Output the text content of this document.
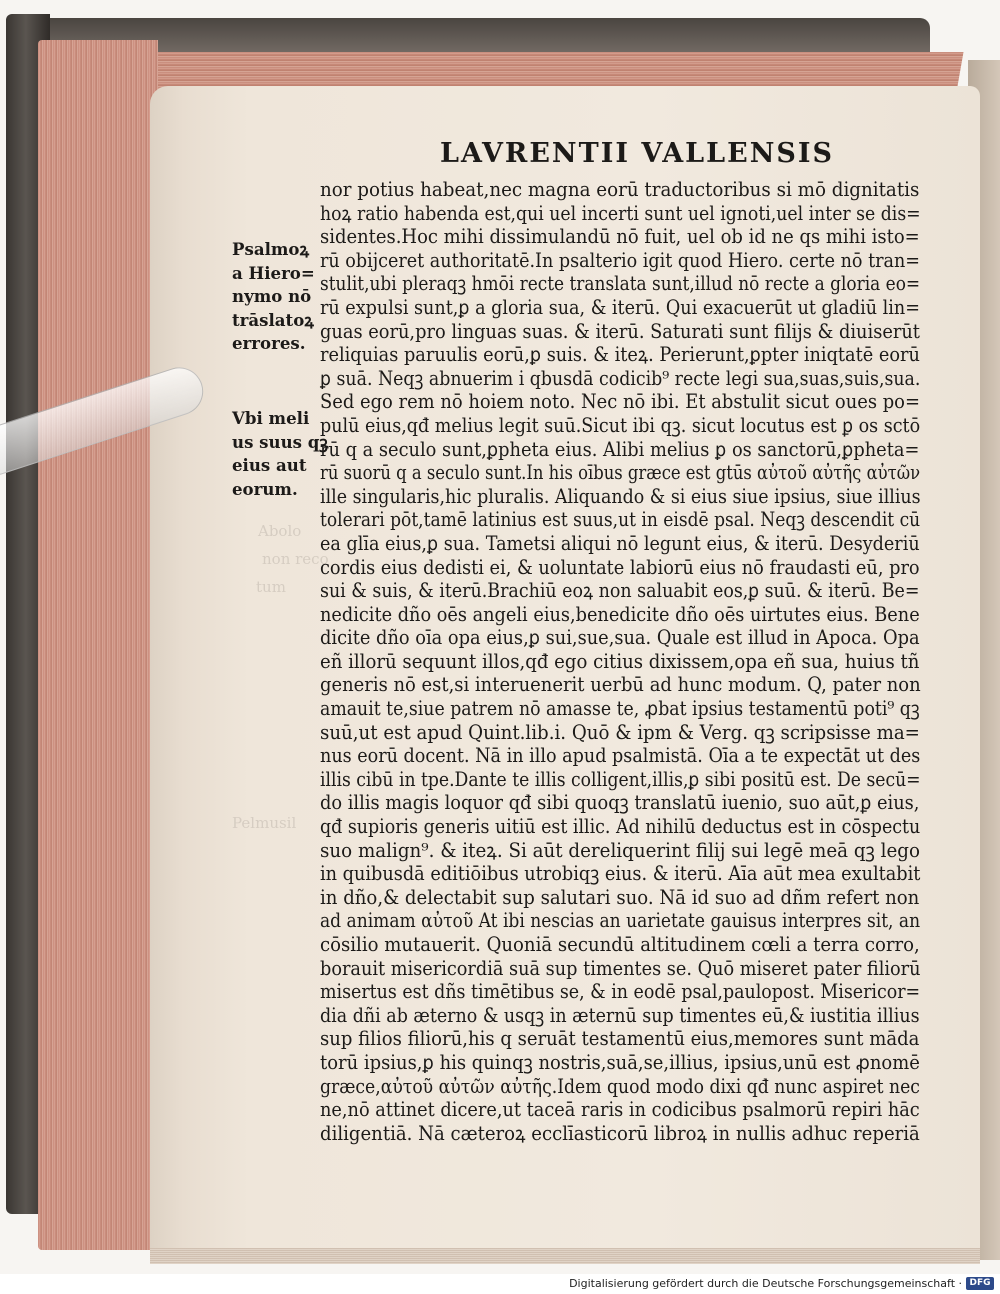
Abolo
non reco
tum
Pelmusil
LAVRENTII VALLENSIS
Psalmoꝝ
a Hiero=
nymo nō
trāslatoꝝ
errores.
Vbi meli
us suus qꝫ
eius aut
eorum.
nor potius habeat,nec magna eorū traductoribus si mō dignitatis
hoꝝ ratio habenda est,qui uel incerti sunt uel ignoti,uel inter se dis=
sidentes.Hoc mihi dissimulandū nō fuit, uel ob id ne qs mihi isto=
rū obijceret authoritatē.In psalterio igit quod Hiero. certe nō tran=
stulit,ubi pleraqꝫ hmōi recte translata sunt,illud nō recte a gloria eo=
rū expulsi sunt,ꝑ a gloria sua, & iterū. Qui exacuerūt ut gladiū lin=
guas eorū,pro linguas suas. & iterū. Saturati sunt filijs & diuiserūt
reliquias paruulis eorū,ꝑ suis. & iteꝝ. Perierunt,ꝑpter iniqtatē eorū
ꝑ suā. Neqꝫ abnuerim i qbusdā codicib⁹ recte legi sua,suas,suis,sua.
Sed ego rem nō hoiem noto. Nec nō ibi. Et abstulit sicut oues po=
pulū eius,qđ melius legit suū.Sicut ibi qꝫ. sicut locutus est ꝑ os sctō
rū q a seculo sunt,ꝑpheta eius. Alibi melius ꝑ os sanctorū,ꝑpheta=
rū suorū q a seculo sunt.In his oībus græce est gtūs αὐτοῦ αὐτῆς αὐτῶν
ille singularis,hic pluralis. Aliquando & si eius siue ipsius, siue illius
tolerari pōt,tamē latinius est suus,ut in eisdē psal. Neqꝫ descendit cū
ea glīa eius,ꝑ sua. Tametsi aliqui nō legunt eius, & iterū. Desyderiū
cordis eius dedisti ei, & uoluntate labiorū eius nō fraudasti eū, pro
sui & suis, & iterū.Brachiū eoꝝ non saluabit eos,ꝑ suū. & iterū. Be=
nedicite dño oēs angeli eius,benedicite dño oēs uirtutes eius. Bene
dicite dño oīa opa eius,ꝑ sui,sue,sua. Quale est illud in Apoca. Opa
eñ illorū sequunt illos,qđ ego citius dixissem,opa eñ sua, huius tñ
generis nō est,si interuenerit uerbū ad hunc modum. Q, pater non
amauit te,siue patrem nō amasse te, ꝓbat ipsius testamentū poti⁹ qꝫ
suū,ut est apud Quint.lib.i. Quō & ipm & Verg. qꝫ scripsisse ma=
nus eorū docent. Nā in illo apud psalmistā. Oīa a te expectāt ut des
illis cibū in tpe.Dante te illis colligent,illis,ꝑ sibi positū est. De secū=
do illis magis loquor qđ sibi quoqꝫ translatū iuenio, suo aūt,ꝑ eius,
qđ supioris generis uitiū est illic. Ad nihilū deductus est in cōspectu
suo malign⁹. & iteꝝ. Si aūt dereliquerint filij sui legē meā qꝫ lego
in quibusdā editiōibus utrobiqꝫ eius. & iterū. Aīa aūt mea exultabit
in dño,& delectabit sup salutari suo. Nā id suo ad dñm refert non
ad animam αὐτοῦ At ibi nescias an uarietate gauisus interpres sit, an
cōsilio mutauerit. Quoniā secundū altitudinem cœli a terra corro,
borauit misericordiā suā sup timentes se. Quō miseret pater filiorū
misertus est dñs timētibus se, & in eodē psal,paulopost. Misericor=
dia dñi ab æterno & usqꝫ in æternū sup timentes eū,& iustitia illius
sup filios filiorū,his q seruāt testamentū eius,memores sunt māda
torū ipsius,ꝑ his quinqꝫ nostris,suā,se,illius, ipsius,unū est ꝓnomē
græce,αὐτοῦ αὐτῶν αὐτῆς.Idem quod modo dixi qđ nunc aspiret nec
ne,nō attinet dicere,ut taceā raris in codicibus psalmorū repiri hāc
diligentiā. Nā cæteroꝝ ecclīasticorū libroꝝ in nullis adhuc reperiā
Digitalisierung gefördert durch die Deutsche Forschungsgemeinschaft · DFG
